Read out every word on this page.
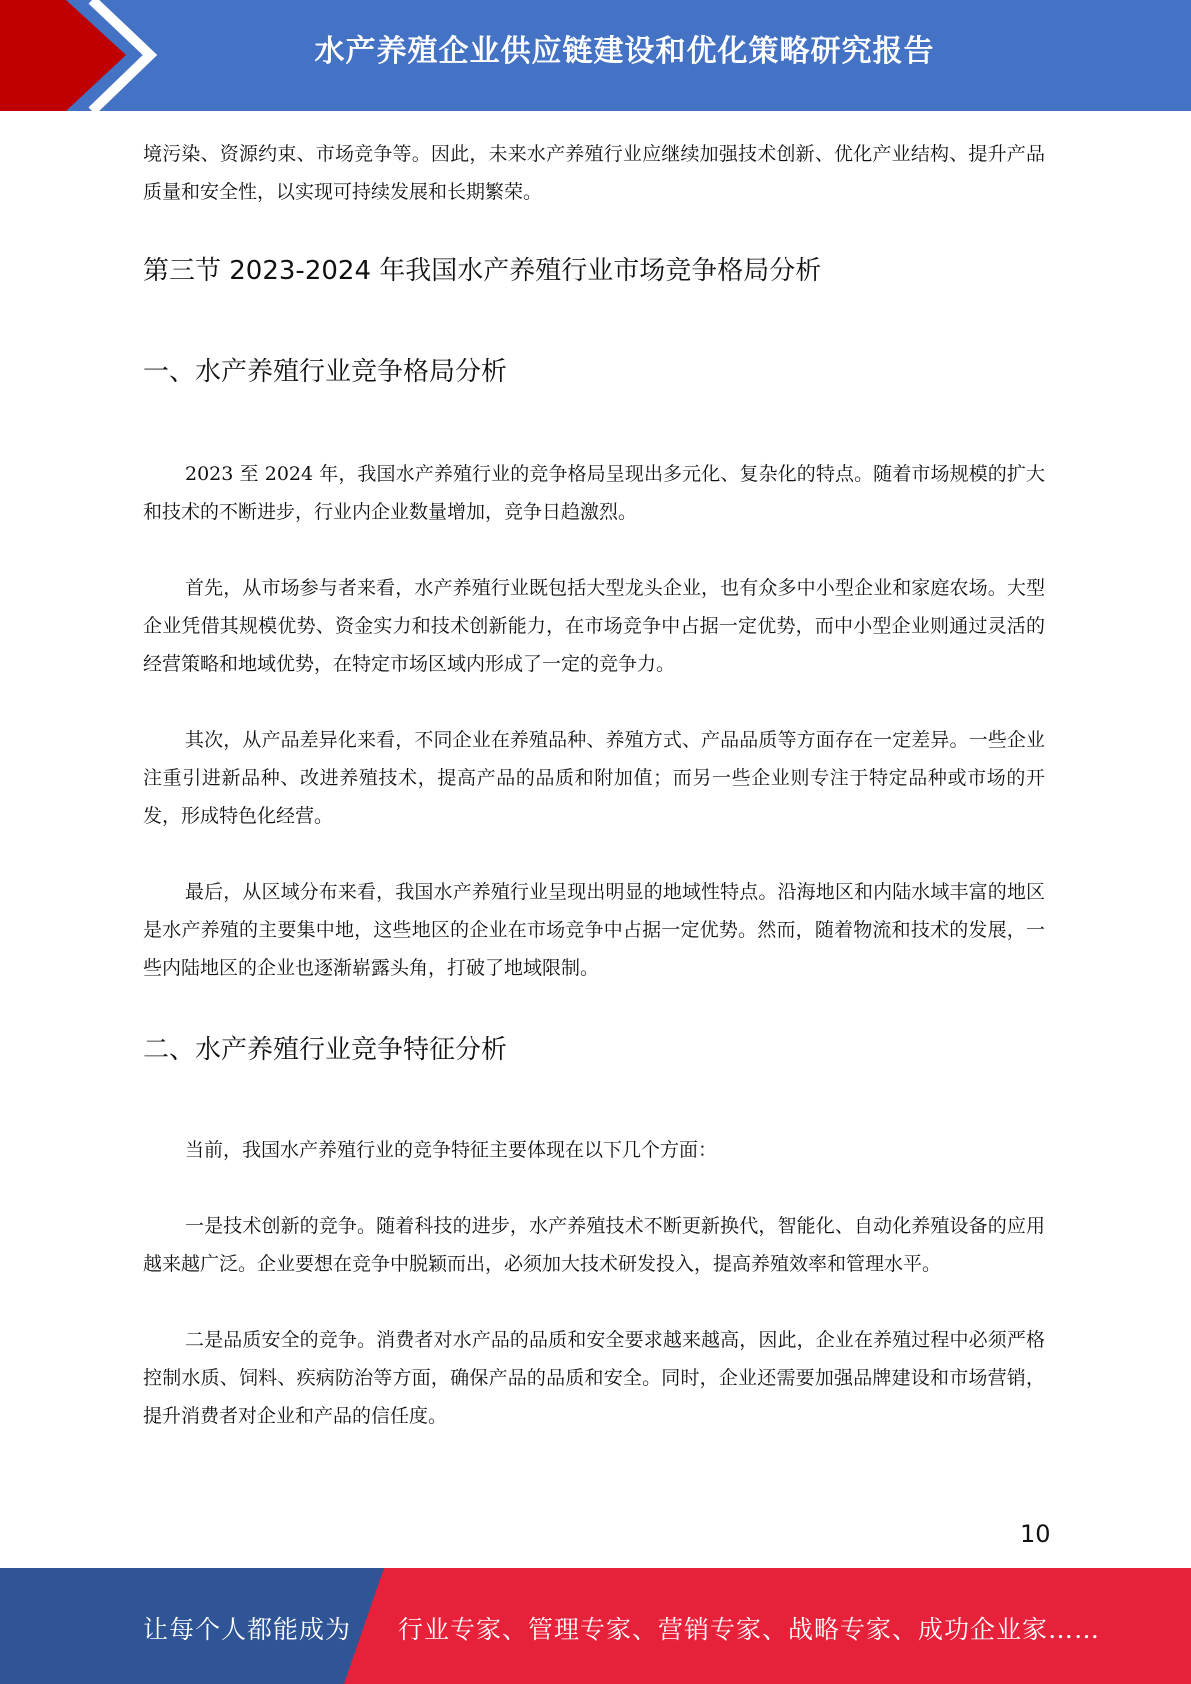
水产养殖企业供应链建设和优化策略研究报告

境污染、资源约束、市场竞争等。因此，未来水产养殖行业应继续加强技术创新、优化产业结构、提升产品质量和安全性，以实现可持续发展和长期繁荣。

第三节 2023-2024 年我国水产养殖行业市场竞争格局分析
一、水产养殖行业竞争格局分析

2023 至 2024 年，我国水产养殖行业的竞争格局呈现出多元化、复杂化的特点。随着市场规模的扩大和技术的不断进步，行业内企业数量增加，竞争日趋激烈。

首先，从市场参与者来看，水产养殖行业既包括大型龙头企业，也有众多中小型企业和家庭农场。大型企业凭借其规模优势、资金实力和技术创新能力，在市场竞争中占据一定优势，而中小型企业则通过灵活的经营策略和地域优势，在特定市场区域内形成了一定的竞争力。

其次，从产品差异化来看，不同企业在养殖品种、养殖方式、产品品质等方面存在一定差异。一些企业注重引进新品种、改进养殖技术，提高产品的品质和附加值；而另一些企业则专注于特定品种或市场的开发，形成特色化经营。

最后，从区域分布来看，我国水产养殖行业呈现出明显的地域性特点。沿海地区和内陆水域丰富的地区是水产养殖的主要集中地，这些地区的企业在市场竞争中占据一定优势。然而，随着物流和技术的发展，一些内陆地区的企业也逐渐崭露头角，打破了地域限制。

二、水产养殖行业竞争特征分析

当前，我国水产养殖行业的竞争特征主要体现在以下几个方面：

一是技术创新的竞争。随着科技的进步，水产养殖技术不断更新换代，智能化、自动化养殖设备的应用越来越广泛。企业要想在竞争中脱颖而出，必须加大技术研发投入，提高养殖效率和管理水平。

二是品质安全的竞争。消费者对水产品的品质和安全要求越来越高，因此，企业在养殖过程中必须严格控制水质、饲料、疾病防治等方面，确保产品的品质和安全。同时，企业还需要加强品牌建设和市场营销，提升消费者对企业和产品的信任度。

10
让每个人都能成为 行业专家、管理专家、营销专家、战略专家、成功企业家……
